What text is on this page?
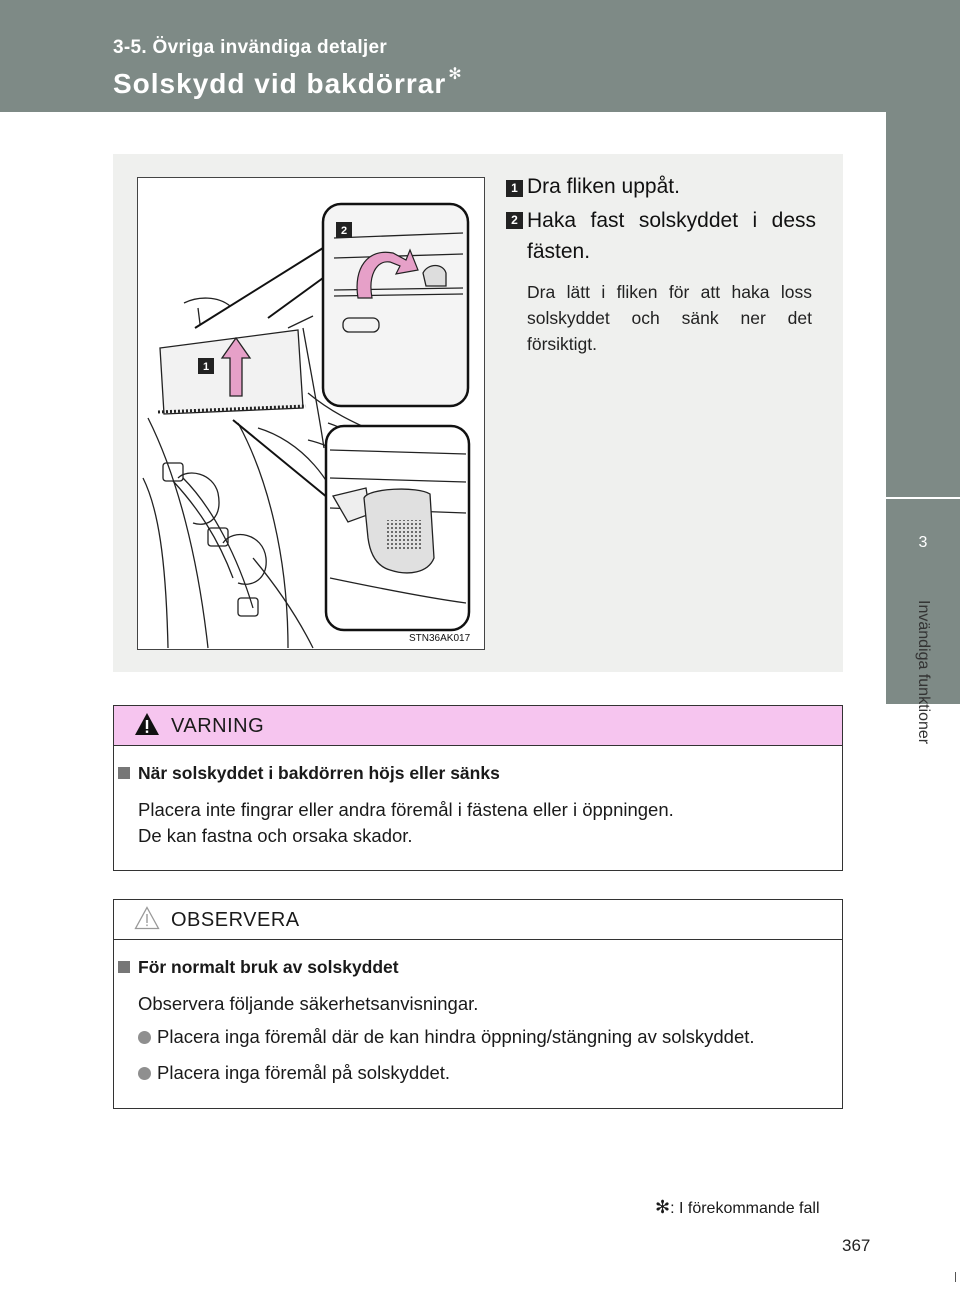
3-5. Övriga invändiga detaljer
Solskydd vid bakdörrar ✻
3
Invändiga funktioner
1
2
STN36AK017
1 Dra fliken uppåt.
2 Haka fast solskyddet i dess fästen.
Dra lätt i fliken för att haka loss solskyddet och sänk ner det försiktigt.
VARNING
När solskyddet i bakdörren höjs eller sänks
Placera inte fingrar eller andra föremål i fästena eller i öppningen.
De kan fastna och orsaka skador.
OBSERVERA
För normalt bruk av solskyddet
Observera följande säkerhetsanvisningar.
Placera inga föremål där de kan hindra öppning/stängning av solskyddet.
Placera inga föremål på solskyddet.
✻: I förekommande fall
367
